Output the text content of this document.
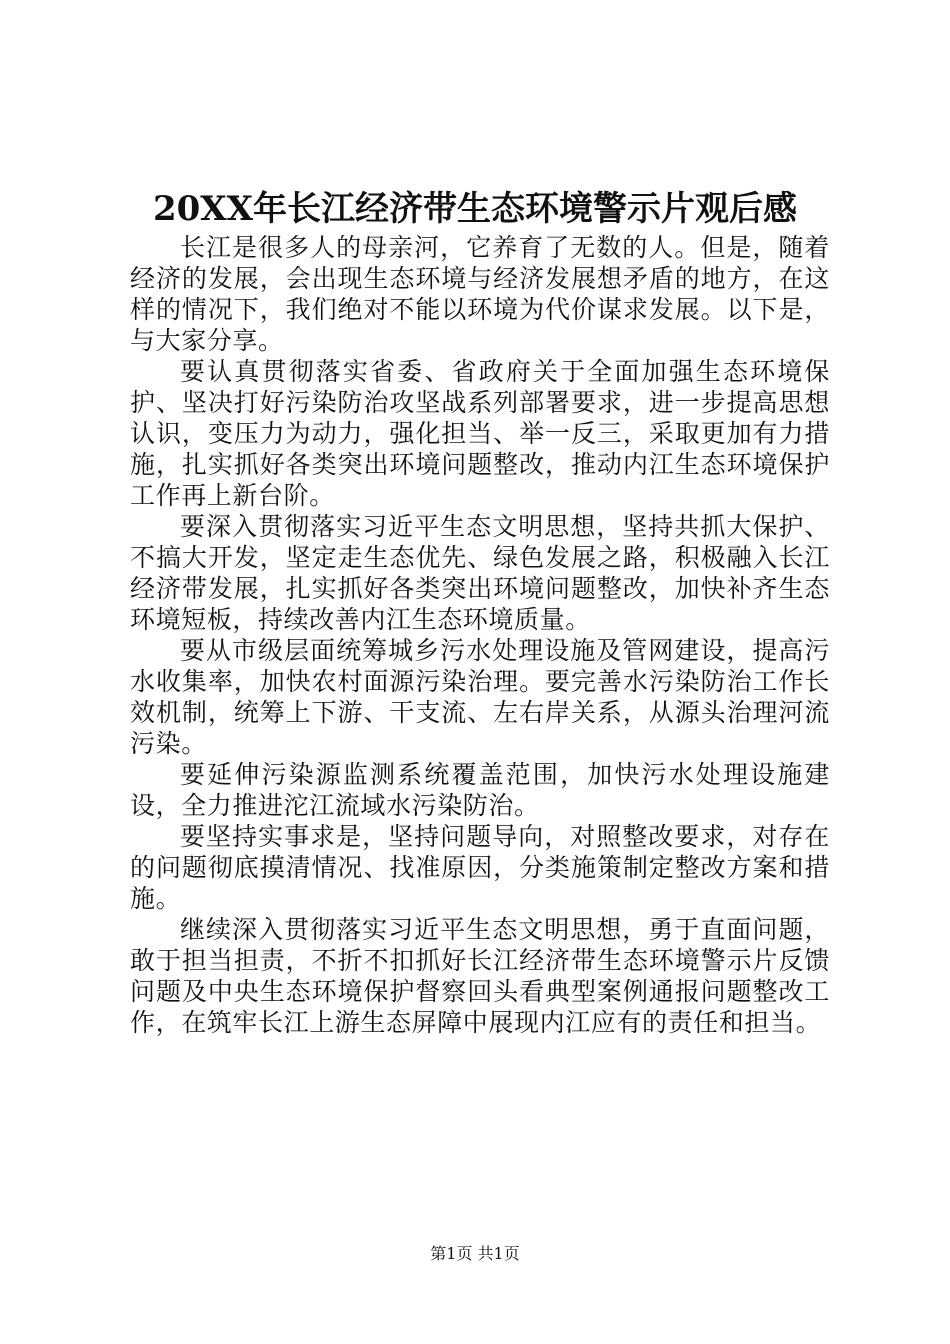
20XX年长江经济带生态环境警示片观后感

长江是很多人的母亲河，它养育了无数的人。但是，随着经济的发展，会出现生态环境与经济发展想矛盾的地方，在这样的情况下，我们绝对不能以环境为代价谋求发展。以下是，与大家分享。

要认真贯彻落实省委、省政府关于全面加强生态环境保护、坚决打好污染防治攻坚战系列部署要求，进一步提高思想认识，变压力为动力，强化担当、举一反三，采取更加有力措施，扎实抓好各类突出环境问题整改，推动内江生态环境保护工作再上新台阶。

要深入贯彻落实习近平生态文明思想，坚持共抓大保护、不搞大开发，坚定走生态优先、绿色发展之路，积极融入长江经济带发展，扎实抓好各类突出环境问题整改，加快补齐生态环境短板，持续改善内江生态环境质量。

要从市级层面统筹城乡污水处理设施及管网建设，提高污水收集率，加快农村面源污染治理。要完善水污染防治工作长效机制，统筹上下游、干支流、左右岸关系，从源头治理河流污染。

要延伸污染源监测系统覆盖范围，加快污水处理设施建设，全力推进沱江流域水污染防治。

要坚持实事求是，坚持问题导向，对照整改要求，对存在的问题彻底摸清情况、找准原因，分类施策制定整改方案和措施。

继续深入贯彻落实习近平生态文明思想，勇于直面问题，敢于担当担责，不折不扣抓好长江经济带生态环境警示片反馈问题及中央生态环境保护督察回头看典型案例通报问题整改工作，在筑牢长江上游生态屏障中展现内江应有的责任和担当。

第1页 共1页
